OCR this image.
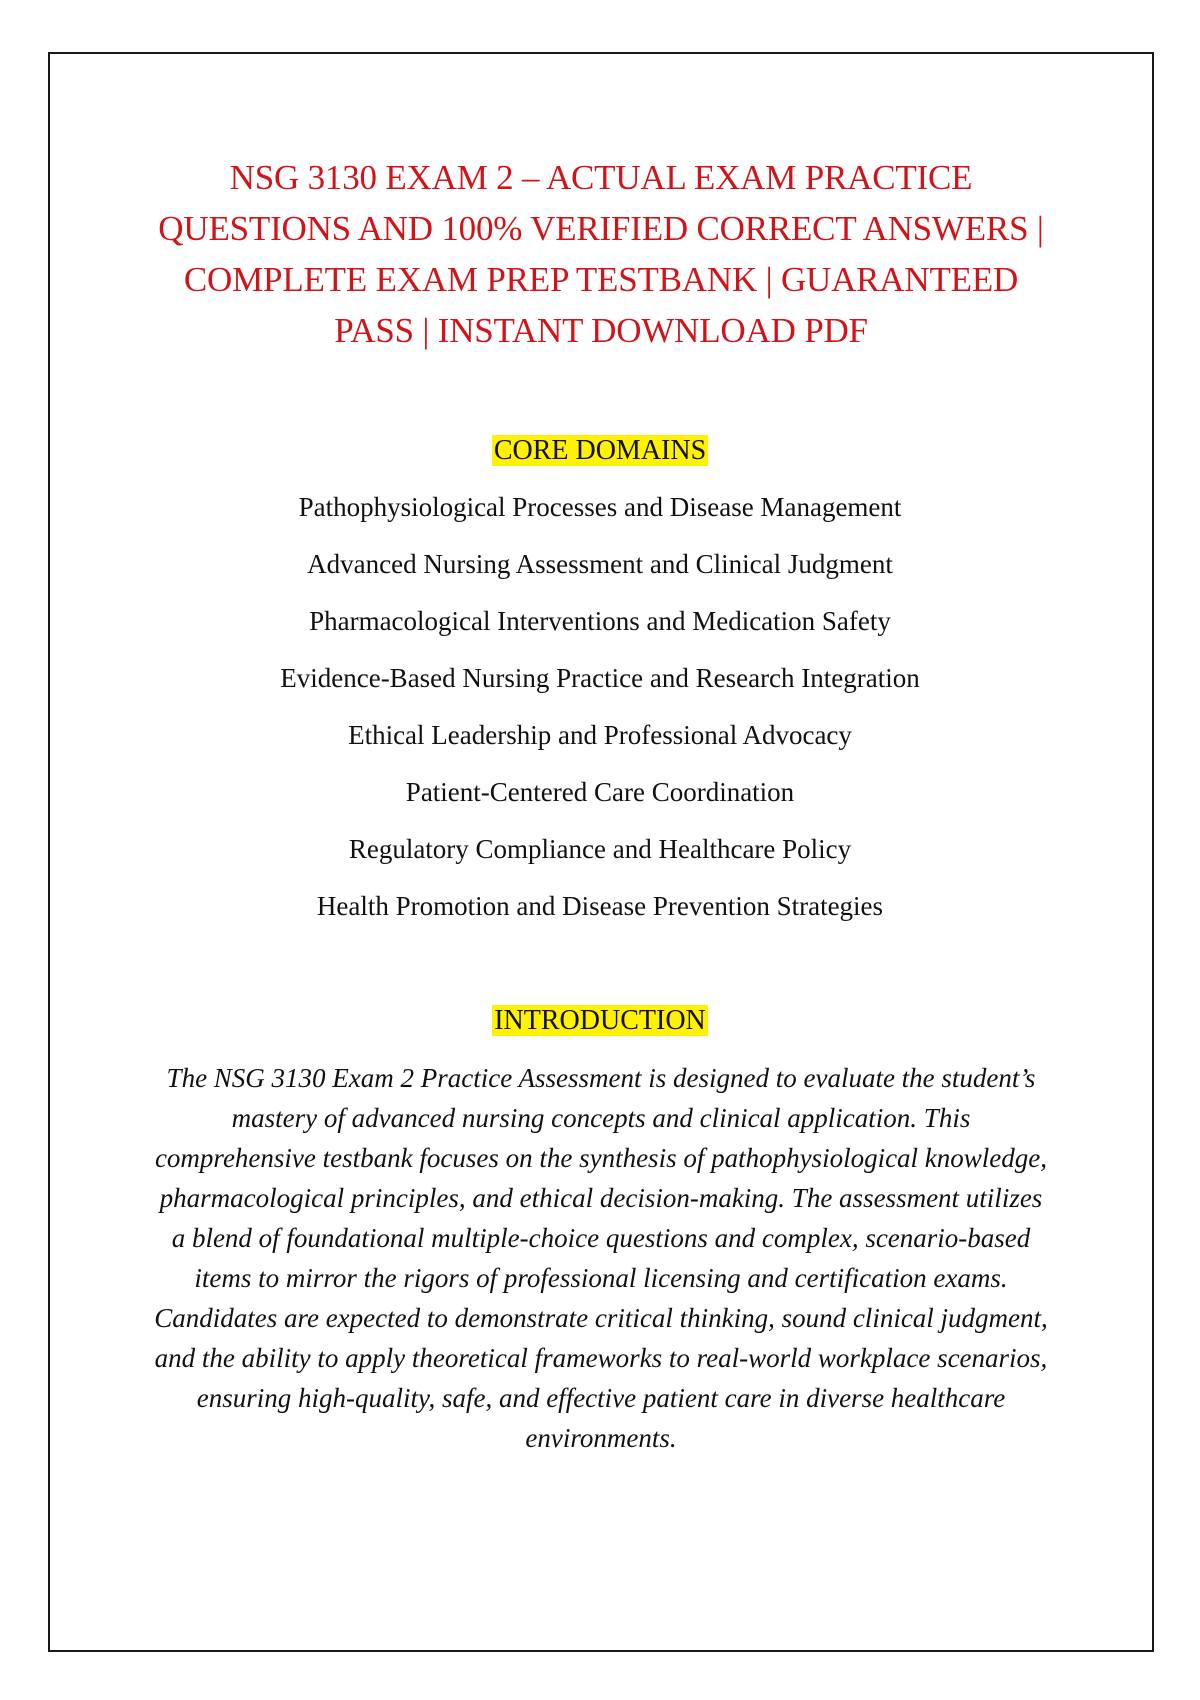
NSG 3130 EXAM 2 – ACTUAL EXAM PRACTICE
QUESTIONS AND 100% VERIFIED CORRECT ANSWERS |
COMPLETE EXAM PREP TESTBANK | GUARANTEED
PASS | INSTANT DOWNLOAD PDF
CORE DOMAINS
Pathophysiological Processes and Disease Management
Advanced Nursing Assessment and Clinical Judgment
Pharmacological Interventions and Medication Safety
Evidence-Based Nursing Practice and Research Integration
Ethical Leadership and Professional Advocacy
Patient-Centered Care Coordination
Regulatory Compliance and Healthcare Policy
Health Promotion and Disease Prevention Strategies
INTRODUCTION

The NSG 3130 Exam 2 Practice Assessment is designed to evaluate the student’s
mastery of advanced nursing concepts and clinical application. This
comprehensive testbank focuses on the synthesis of pathophysiological knowledge,
pharmacological principles, and ethical decision-making. The assessment utilizes
a blend of foundational multiple-choice questions and complex, scenario-based
items to mirror the rigors of professional licensing and certification exams.
Candidates are expected to demonstrate critical thinking, sound clinical judgment,
and the ability to apply theoretical frameworks to real-world workplace scenarios,
ensuring high-quality, safe, and effective patient care in diverse healthcare
environments.
